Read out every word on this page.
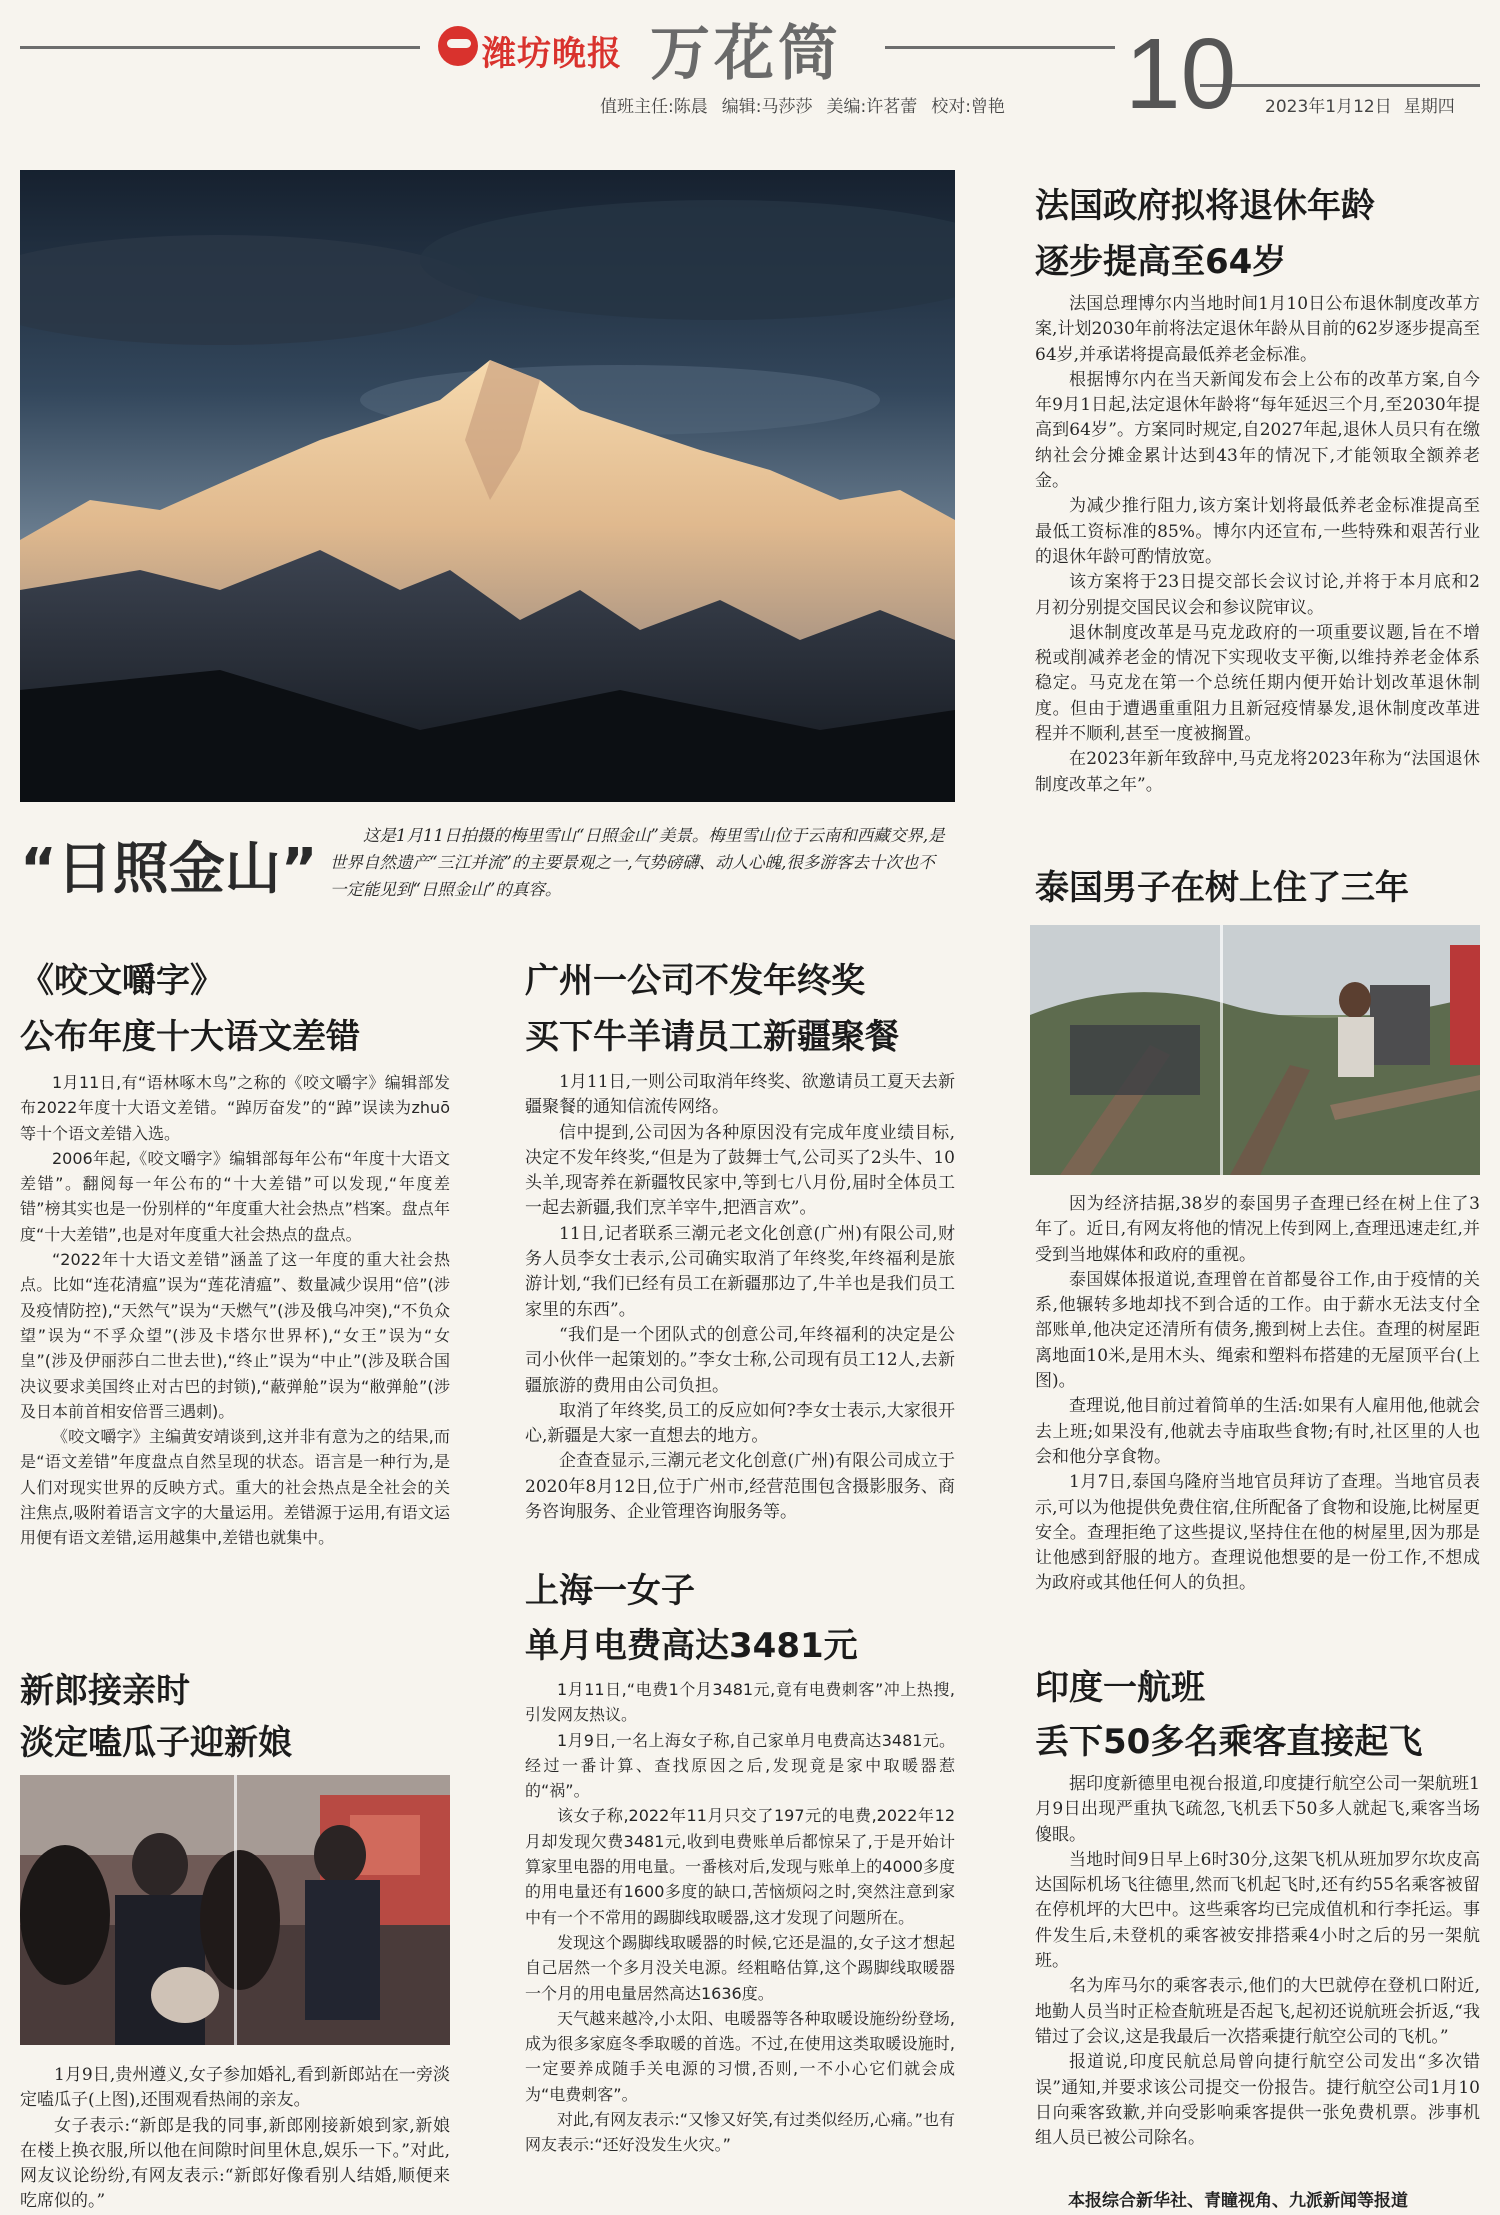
潍坊晚报 万花筒	10
值班主任:陈晨 编辑:马莎莎 美编:许茗蕾 校对:曾艳	2023年1月12日 星期四
“日照金山”
这是1月11日拍摄的梅里雪山“日照金山”美景。梅里雪山位于云南和西藏交界,是世界自然遗产“三江并流”的主要景观之一,气势磅礴、动人心魄,很多游客去十次也不一定能见到“日照金山”的真容。
《咬文嚼字》
公布年度十大语文差错

1月11日,有“语林啄木鸟”之称的《咬文嚼字》编辑部发布2022年度十大语文差错。“踔厉奋发”的“踔”误读为zhuō等十个语文差错入选。

2006年起,《咬文嚼字》编辑部每年公布“年度十大语文差错”。翻阅每一年公布的“十大差错”可以发现,“年度差错”榜其实也是一份别样的“年度重大社会热点”档案。盘点年度“十大差错”,也是对年度重大社会热点的盘点。

“2022年十大语文差错”涵盖了这一年度的重大社会热点。比如“连花清瘟”误为“莲花清瘟”、数量减少误用“倍”(涉及疫情防控),“天然气”误为“天燃气”(涉及俄乌冲突),“不负众望”误为“不孚众望”(涉及卡塔尔世界杯),“女王”误为“女皇”(涉及伊丽莎白二世去世),“终止”误为“中止”(涉及联合国决议要求美国终止对古巴的封锁),“蔽弹舱”误为“敝弹舱”(涉及日本前首相安倍晋三遇刺)。

《咬文嚼字》主编黄安靖谈到,这并非有意为之的结果,而是“语文差错”年度盘点自然呈现的状态。语言是一种行为,是人们对现实世界的反映方式。重大的社会热点是全社会的关注焦点,吸附着语言文字的大量运用。差错源于运用,有语文运用便有语文差错,运用越集中,差错也就集中。

新郎接亲时
淡定嗑瓜子迎新娘

1月9日,贵州遵义,女子参加婚礼,看到新郎站在一旁淡定嗑瓜子(上图),还围观看热闹的亲友。

女子表示:“新郎是我的同事,新郎刚接新娘到家,新娘在楼上换衣服,所以他在间隙时间里休息,娱乐一下。”对此,网友议论纷纷,有网友表示:“新郎好像看别人结婚,顺便来吃席似的。”

广州一公司不发年终奖
买下牛羊请员工新疆聚餐

1月11日,一则公司取消年终奖、欲邀请员工夏天去新疆聚餐的通知信流传网络。

信中提到,公司因为各种原因没有完成年度业绩目标,决定不发年终奖,“但是为了鼓舞士气,公司买了2头牛、10头羊,现寄养在新疆牧民家中,等到七八月份,届时全体员工一起去新疆,我们烹羊宰牛,把酒言欢”。

11日,记者联系三潮元老文化创意(广州)有限公司,财务人员李女士表示,公司确实取消了年终奖,年终福利是旅游计划,“我们已经有员工在新疆那边了,牛羊也是我们员工家里的东西”。

“我们是一个团队式的创意公司,年终福利的决定是公司小伙伴一起策划的。”李女士称,公司现有员工12人,去新疆旅游的费用由公司负担。

取消了年终奖,员工的反应如何?李女士表示,大家很开心,新疆是大家一直想去的地方。

企查查显示,三潮元老文化创意(广州)有限公司成立于2020年8月12日,位于广州市,经营范围包含摄影服务、商务咨询服务、企业管理咨询服务等。

上海一女子
单月电费高达3481元

1月11日,“电费1个月3481元,竟有电费刺客”冲上热搜,引发网友热议。

1月9日,一名上海女子称,自己家单月电费高达3481元。经过一番计算、查找原因之后,发现竟是家中取暖器惹的“祸”。

该女子称,2022年11月只交了197元的电费,2022年12月却发现欠费3481元,收到电费账单后都惊呆了,于是开始计算家里电器的用电量。一番核对后,发现与账单上的4000多度的用电量还有1600多度的缺口,苦恼烦闷之时,突然注意到家中有一个不常用的踢脚线取暖器,这才发现了问题所在。

发现这个踢脚线取暖器的时候,它还是温的,女子这才想起自己居然一个多月没关电源。经粗略估算,这个踢脚线取暖器一个月的用电量居然高达1636度。

天气越来越冷,小太阳、电暖器等各种取暖设施纷纷登场,成为很多家庭冬季取暖的首选。不过,在使用这类取暖设施时,一定要养成随手关电源的习惯,否则,一不小心它们就会成为“电费刺客”。

对此,有网友表示:“又惨又好笑,有过类似经历,心痛。”也有网友表示:“还好没发生火灾。”

法国政府拟将退休年龄
逐步提高至64岁

法国总理博尔内当地时间1月10日公布退休制度改革方案,计划2030年前将法定退休年龄从目前的62岁逐步提高至64岁,并承诺将提高最低养老金标准。

根据博尔内在当天新闻发布会上公布的改革方案,自今年9月1日起,法定退休年龄将“每年延迟三个月,至2030年提高到64岁”。方案同时规定,自2027年起,退休人员只有在缴纳社会分摊金累计达到43年的情况下,才能领取全额养老金。

为减少推行阻力,该方案计划将最低养老金标准提高至最低工资标准的85%。博尔内还宣布,一些特殊和艰苦行业的退休年龄可酌情放宽。

该方案将于23日提交部长会议讨论,并将于本月底和2月初分别提交国民议会和参议院审议。

退休制度改革是马克龙政府的一项重要议题,旨在不增税或削减养老金的情况下实现收支平衡,以维持养老金体系稳定。马克龙在第一个总统任期内便开始计划改革退休制度。但由于遭遇重重阻力且新冠疫情暴发,退休制度改革进程并不顺利,甚至一度被搁置。

在2023年新年致辞中,马克龙将2023年称为“法国退休制度改革之年”。

泰国男子在树上住了三年

因为经济拮据,38岁的泰国男子查理已经在树上住了3年了。近日,有网友将他的情况上传到网上,查理迅速走红,并受到当地媒体和政府的重视。

泰国媒体报道说,查理曾在首都曼谷工作,由于疫情的关系,他辗转多地却找不到合适的工作。由于薪水无法支付全部账单,他决定还清所有债务,搬到树上去住。查理的树屋距离地面10米,是用木头、绳索和塑料布搭建的无屋顶平台(上图)。

查理说,他目前过着简单的生活:如果有人雇用他,他就会去上班;如果没有,他就去寺庙取些食物;有时,社区里的人也会和他分享食物。

1月7日,泰国乌隆府当地官员拜访了查理。当地官员表示,可以为他提供免费住宿,住所配备了食物和设施,比树屋更安全。查理拒绝了这些提议,坚持住在他的树屋里,因为那是让他感到舒服的地方。查理说他想要的是一份工作,不想成为政府或其他任何人的负担。

印度一航班
丢下50多名乘客直接起飞

据印度新德里电视台报道,印度捷行航空公司一架航班1月9日出现严重执飞疏忽,飞机丢下50多人就起飞,乘客当场傻眼。

当地时间9日早上6时30分,这架飞机从班加罗尔坎皮高达国际机场飞往德里,然而飞机起飞时,还有约55名乘客被留在停机坪的大巴中。这些乘客均已完成值机和行李托运。事件发生后,未登机的乘客被安排搭乘4小时之后的另一架航班。

名为库马尔的乘客表示,他们的大巴就停在登机口附近,地勤人员当时正检查航班是否起飞,起初还说航班会折返,“我错过了会议,这是我最后一次搭乘捷行航空公司的飞机。”

报道说,印度民航总局曾向捷行航空公司发出“多次错误”通知,并要求该公司提交一份报告。捷行航空公司1月10日向乘客致歉,并向受影响乘客提供一张免费机票。涉事机组人员已被公司除名。

本报综合新华社、青瞳视角、九派新闻等报道
